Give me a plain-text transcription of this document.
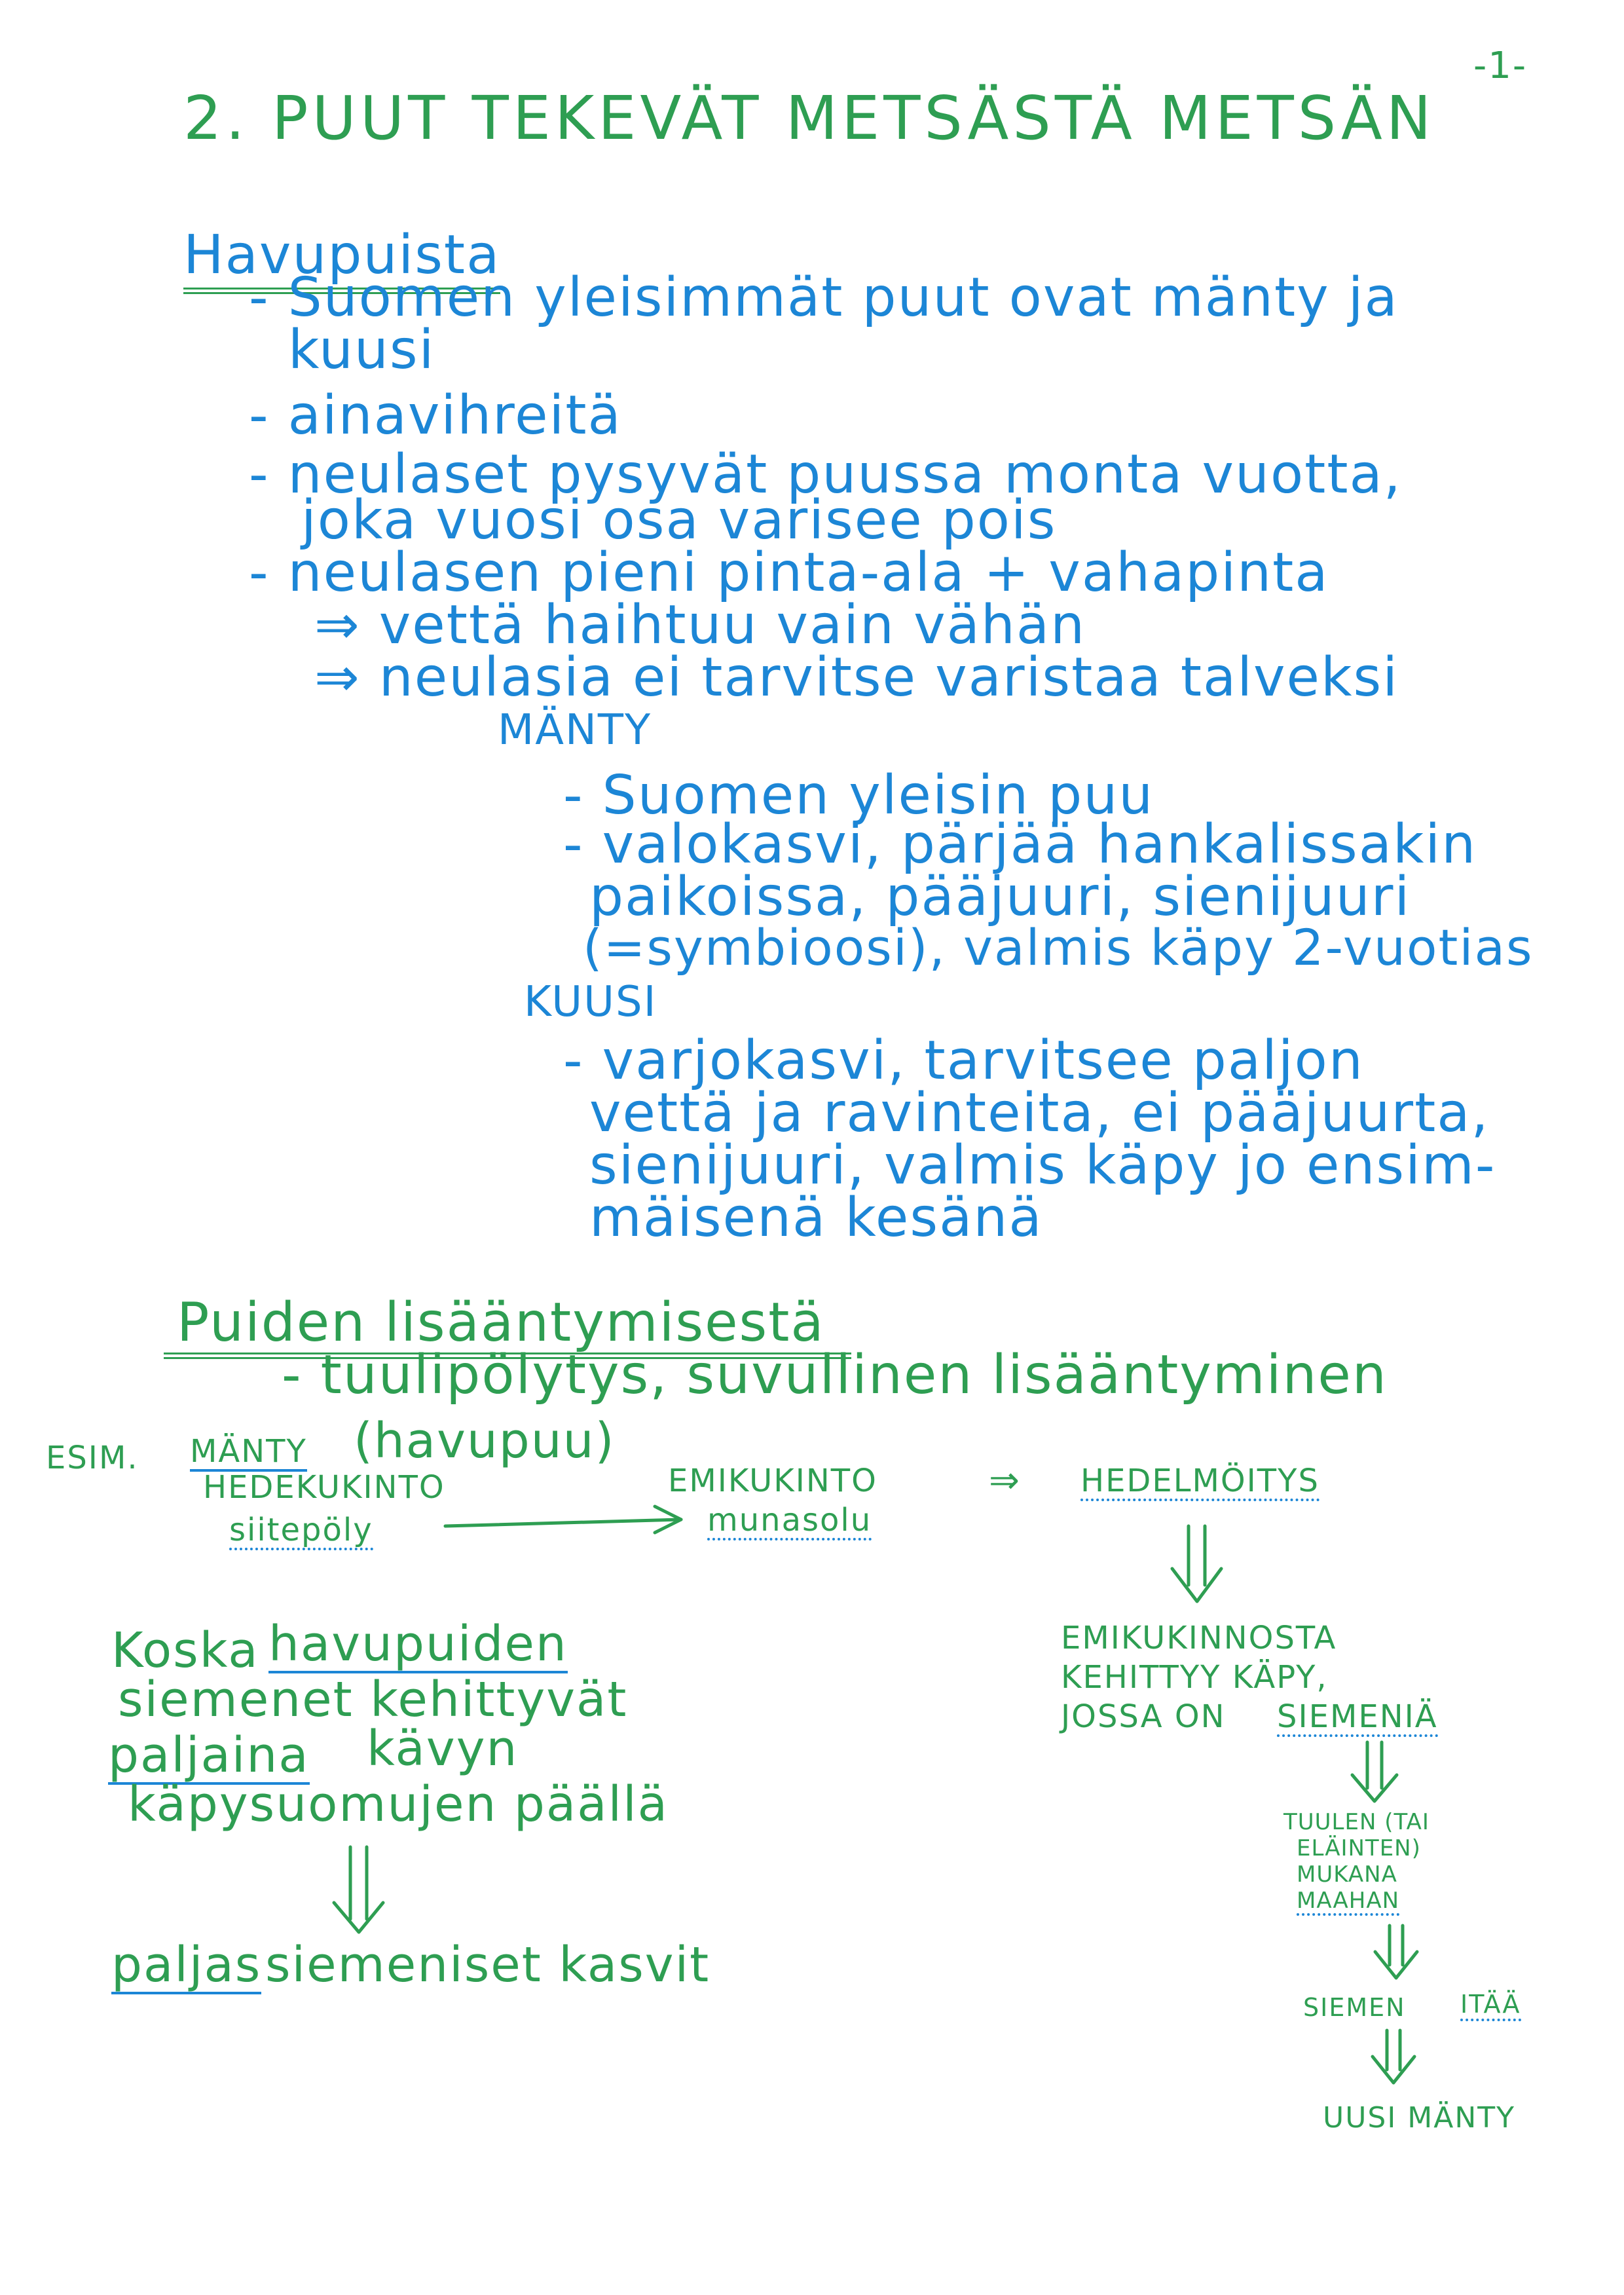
2. PUUT TEKEVÄT METSÄSTÄ METSÄN
-1-
Havupuista
- Suomen yleisimmät puut ovat mänty ja
kuusi
- ainavihreitä
- neulaset pysyvät puussa monta vuotta,
joka vuosi osa varisee pois
- neulasen pieni pinta-ala + vahapinta
⇒ vettä haihtuu vain vähän
⇒ neulasia ei tarvitse varistaa talveksi
MÄNTY
- Suomen yleisin puu
- valokasvi, pärjää hankalissakin
paikoissa, pääjuuri, sienijuuri
(=symbioosi), valmis käpy 2-vuotias
KUUSI
- varjokasvi, tarvitsee paljon
vettä ja ravinteita, ei pääjuurta,
sienijuuri, valmis käpy jo ensim-
mäisenä kesänä
Puiden lisääntymisestä
- tuulipölytys, suvullinen lisääntyminen
ESIM. MÄNTY (havupuu)
HEDEKUKINTO
siitepöly
EMIKUKINTO
munasolu
⇒ HEDELMÖITYS
EMIKUKINNOSTA
KEHITTYY KÄPY,
JOSSA ON SIEMENIÄ
TUULEN (TAI
ELÄINTEN)
MUKANA
MAAHAN
SIEMEN ITÄÄ
UUSI MÄNTY
Koska havupuiden
siemenet kehittyvät
paljaina kävyn
käpysuomujen päällä
paljas siemeniset kasvit
